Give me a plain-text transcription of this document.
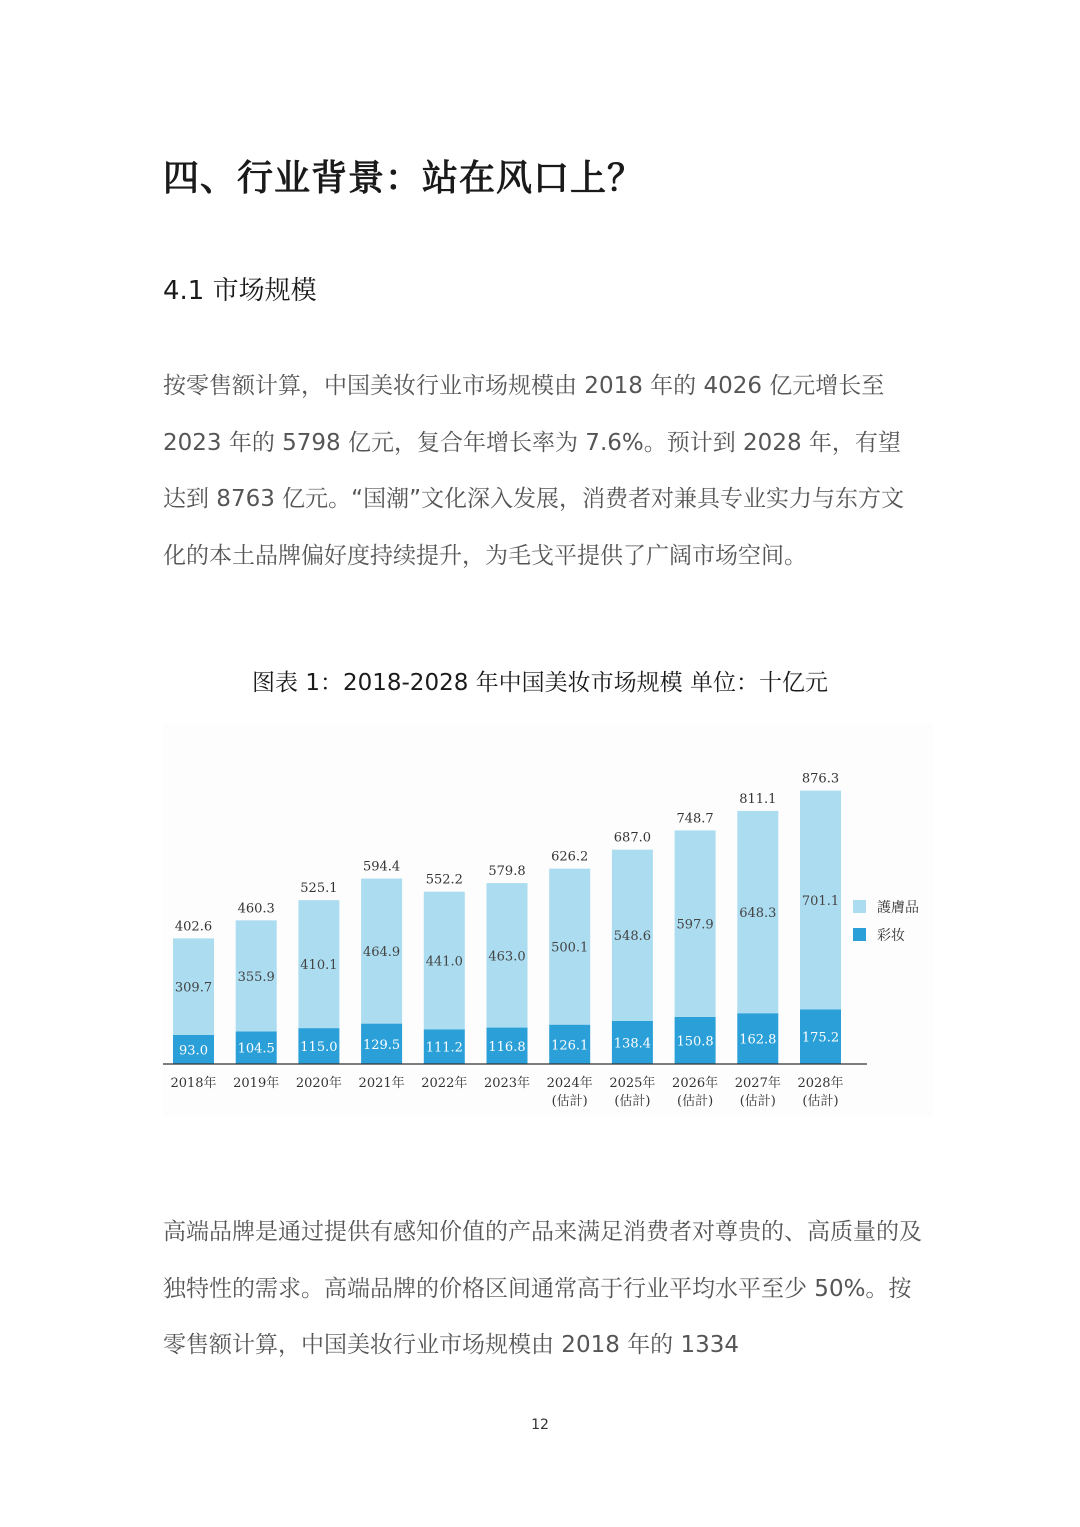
四、行业背景：站在风口上？
4.1 市场规模
按零售额计算，中国美妆行业市场规模由 2018 年的 4026 亿元增长至 2023 年的 5798 亿元，复合年增长率为 7.6%。预计到 2028 年，有望达到 8763 亿元。“国潮”文化深入发展，消费者对兼具专业实力与东方文化的本土品牌偏好度持续提升，为毛戈平提供了广阔市场空间。
图表 1：2018-2028 年中国美妆市场规模 单位：十亿元
93.0
309.7
402.6
2018年
104.5
355.9
460.3
2019年
115.0
410.1
525.1
2020年
129.5
464.9
594.4
2021年
111.2
441.0
552.2
2022年
116.8
463.0
579.8
2023年
126.1
500.1
626.2
2024年
(估計)
138.4
548.6
687.0
2025年
(估計)
150.8
597.9
748.7
2026年
(估計)
162.8
648.3
811.1
2027年
(估計)
175.2
701.1
876.3
2028年
(估計)
護膚品
彩妆
高端品牌是通过提供有感知价值的产品来满足消费者对尊贵的、高质量的及独特性的需求。高端品牌的价格区间通常高于行业平均水平至少 50%。按零售额计算，中国美妆行业市场规模由 2018 年的 1334
12
